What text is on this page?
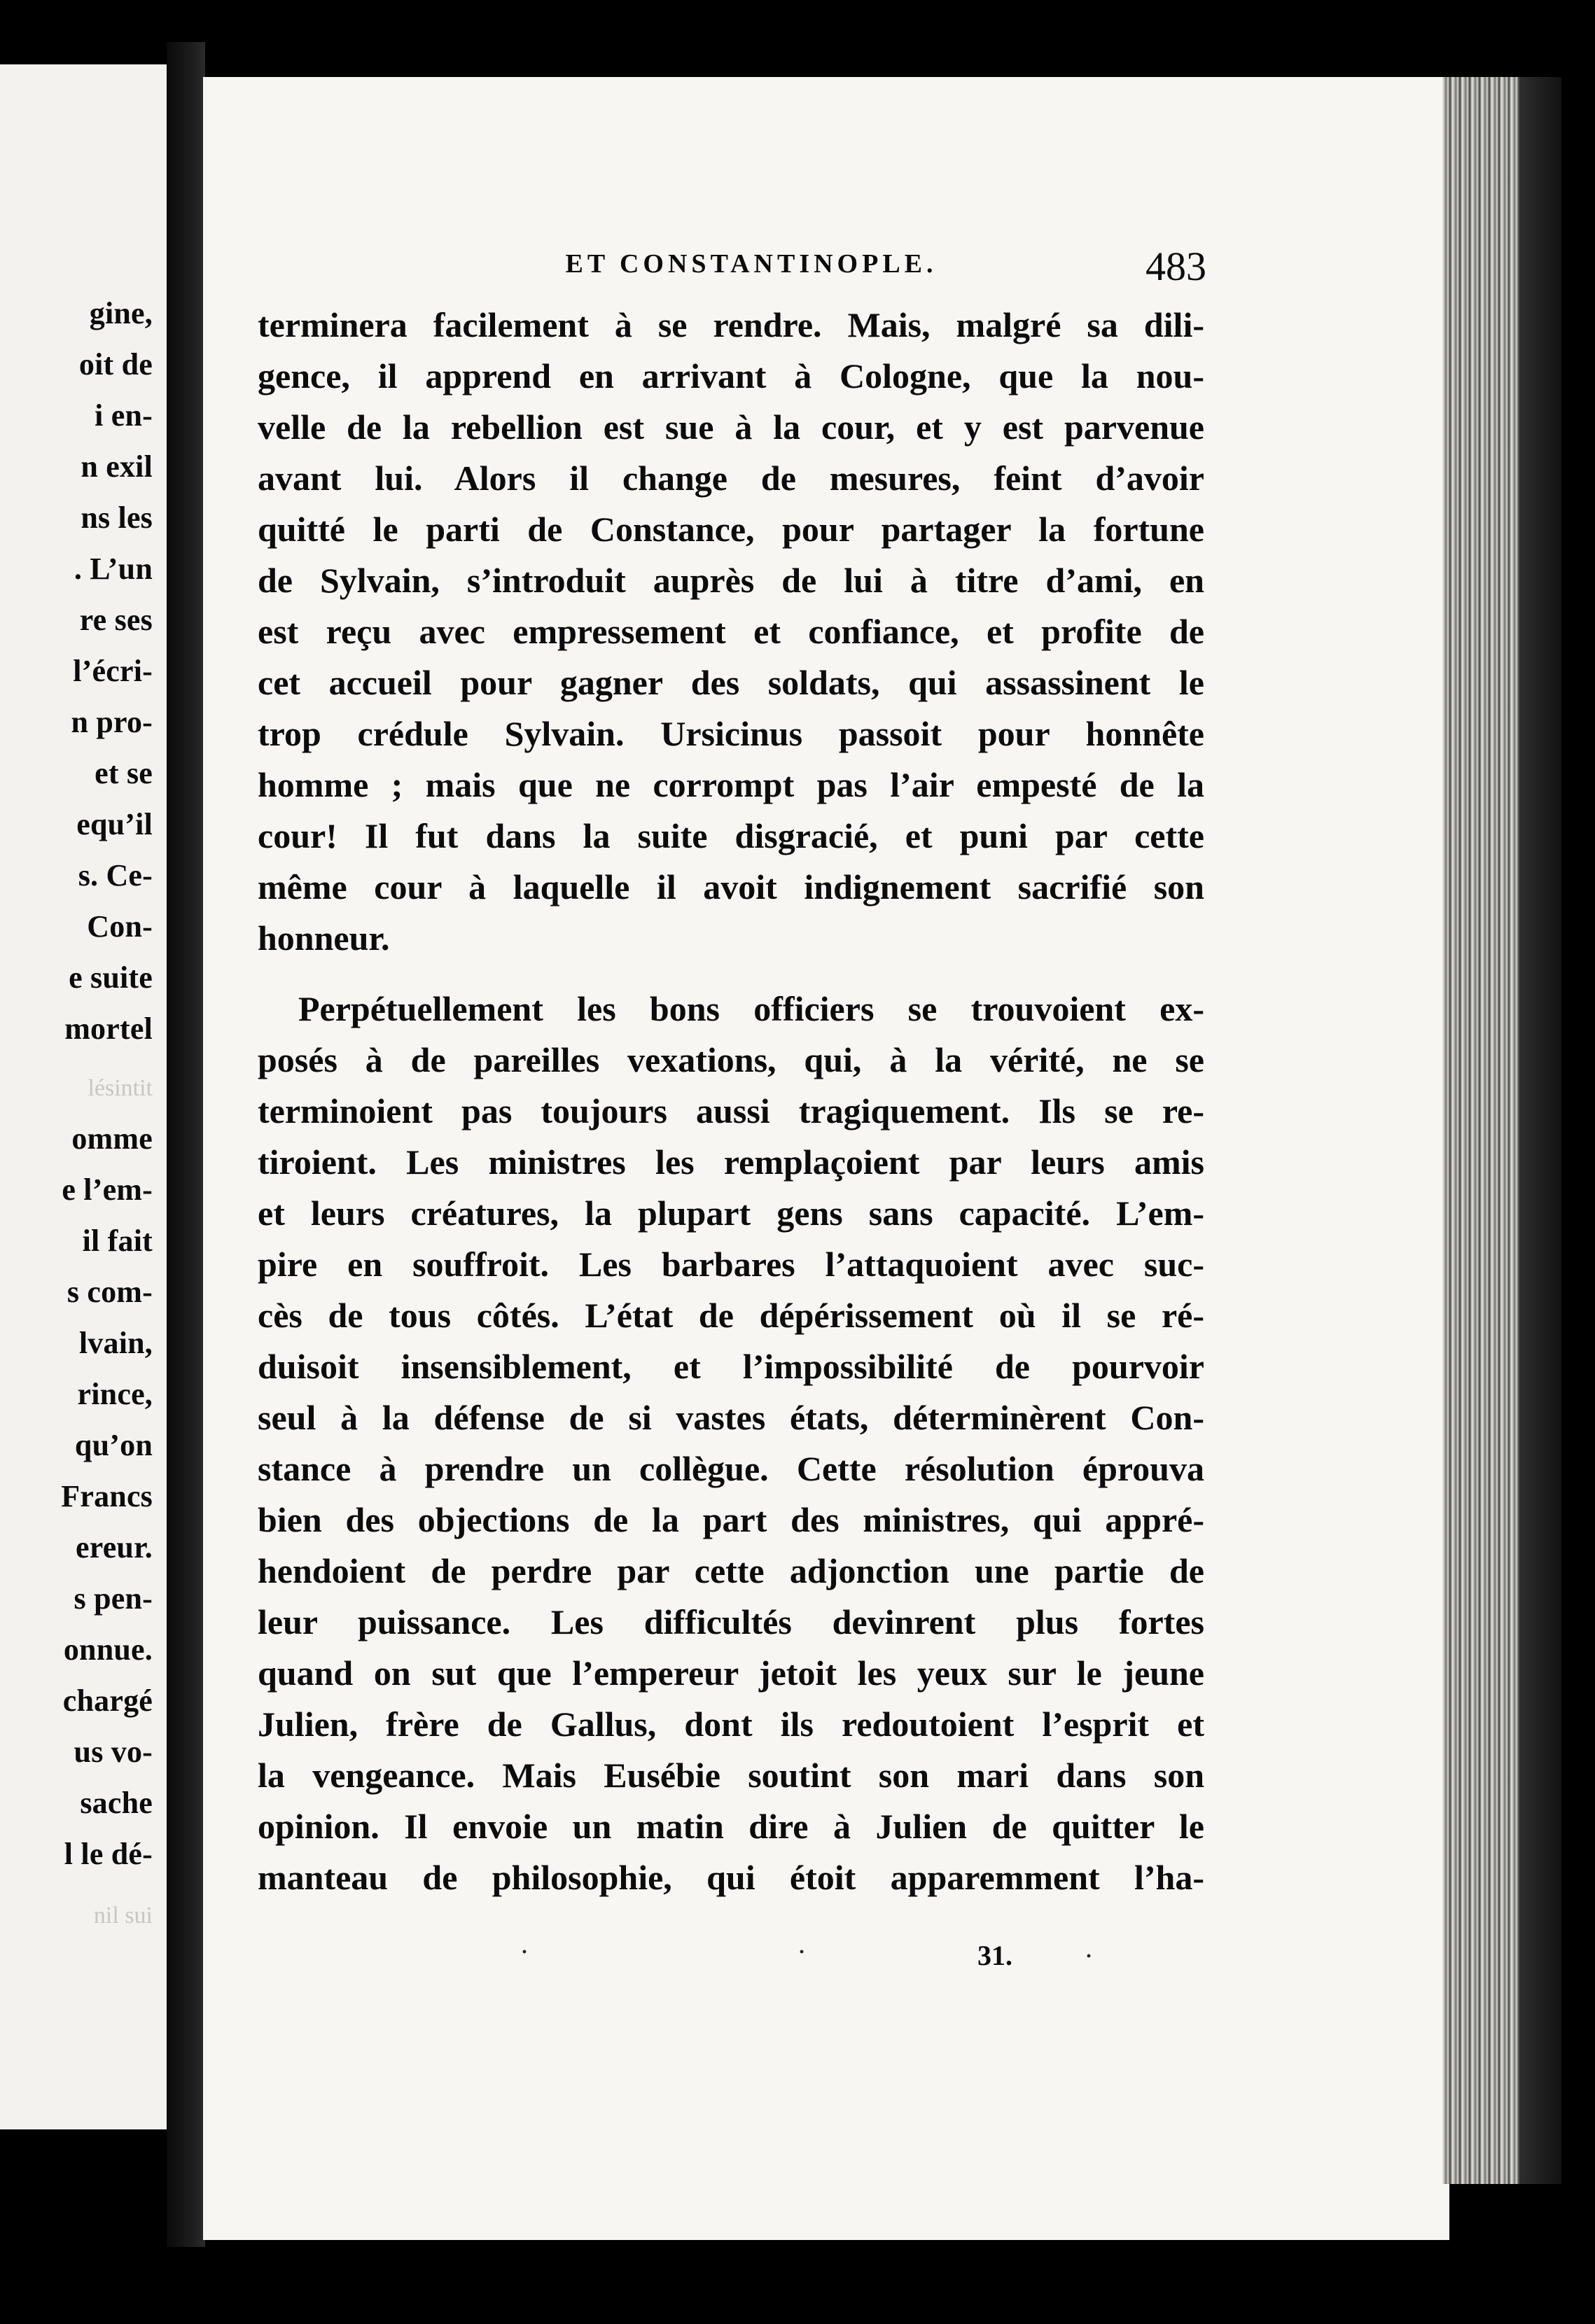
gine,
oit de
i en-
n exil
ns les
. L’un
re ses
l’écri-
n pro-
et se
equ’il
s. Ce-
Con-
e suite
mortel
lésintit
omme
e l’em-
il fait
s com-
lvain,
rince,
qu’on
Francs
ereur.
s pen-
onnue.
chargé
us vo-
sache
l le dé-
nil sui
ET CONSTANTINOPLE.	483
terminera facilement à se rendre. Mais, malgré sa dili-
gence, il apprend en arrivant à Cologne, que la nou-
velle de la rebellion est sue à la cour, et y est parvenue
avant lui. Alors il change de mesures, feint d’avoir
quitté le parti de Constance, pour partager la fortune
de Sylvain, s’introduit auprès de lui à titre d’ami, en
est reçu avec empressement et confiance, et profite de
cet accueil pour gagner des soldats, qui assassinent le
trop crédule Sylvain. Ursicinus passoit pour honnête
homme ; mais que ne corrompt pas l’air empesté de la
cour! Il fut dans la suite disgracié, et puni par cette
même cour à laquelle il avoit indignement sacrifié son
honneur.
Perpétuellement les bons officiers se trouvoient ex-
posés à de pareilles vexations, qui, à la vérité, ne se
terminoient pas toujours aussi tragiquement. Ils se re-
tiroient. Les ministres les remplaçoient par leurs amis
et leurs créatures, la plupart gens sans capacité. L’em-
pire en souffroit. Les barbares l’attaquoient avec suc-
cès de tous côtés. L’état de dépérissement où il se ré-
duisoit insensiblement, et l’impossibilité de pourvoir
seul à la défense de si vastes états, déterminèrent Con-
stance à prendre un collègue. Cette résolution éprouva
bien des objections de la part des ministres, qui appré-
hendoient de perdre par cette adjonction une partie de
leur puissance. Les difficultés devinrent plus fortes
quand on sut que l’empereur jetoit les yeux sur le jeune
Julien, frère de Gallus, dont ils redoutoient l’esprit et
la vengeance. Mais Eusébie soutint son mari dans son
opinion. Il envoie un matin dire à Julien de quitter le
manteau de philosophie, qui étoit apparemment l’ha-
·	·	·
31.
